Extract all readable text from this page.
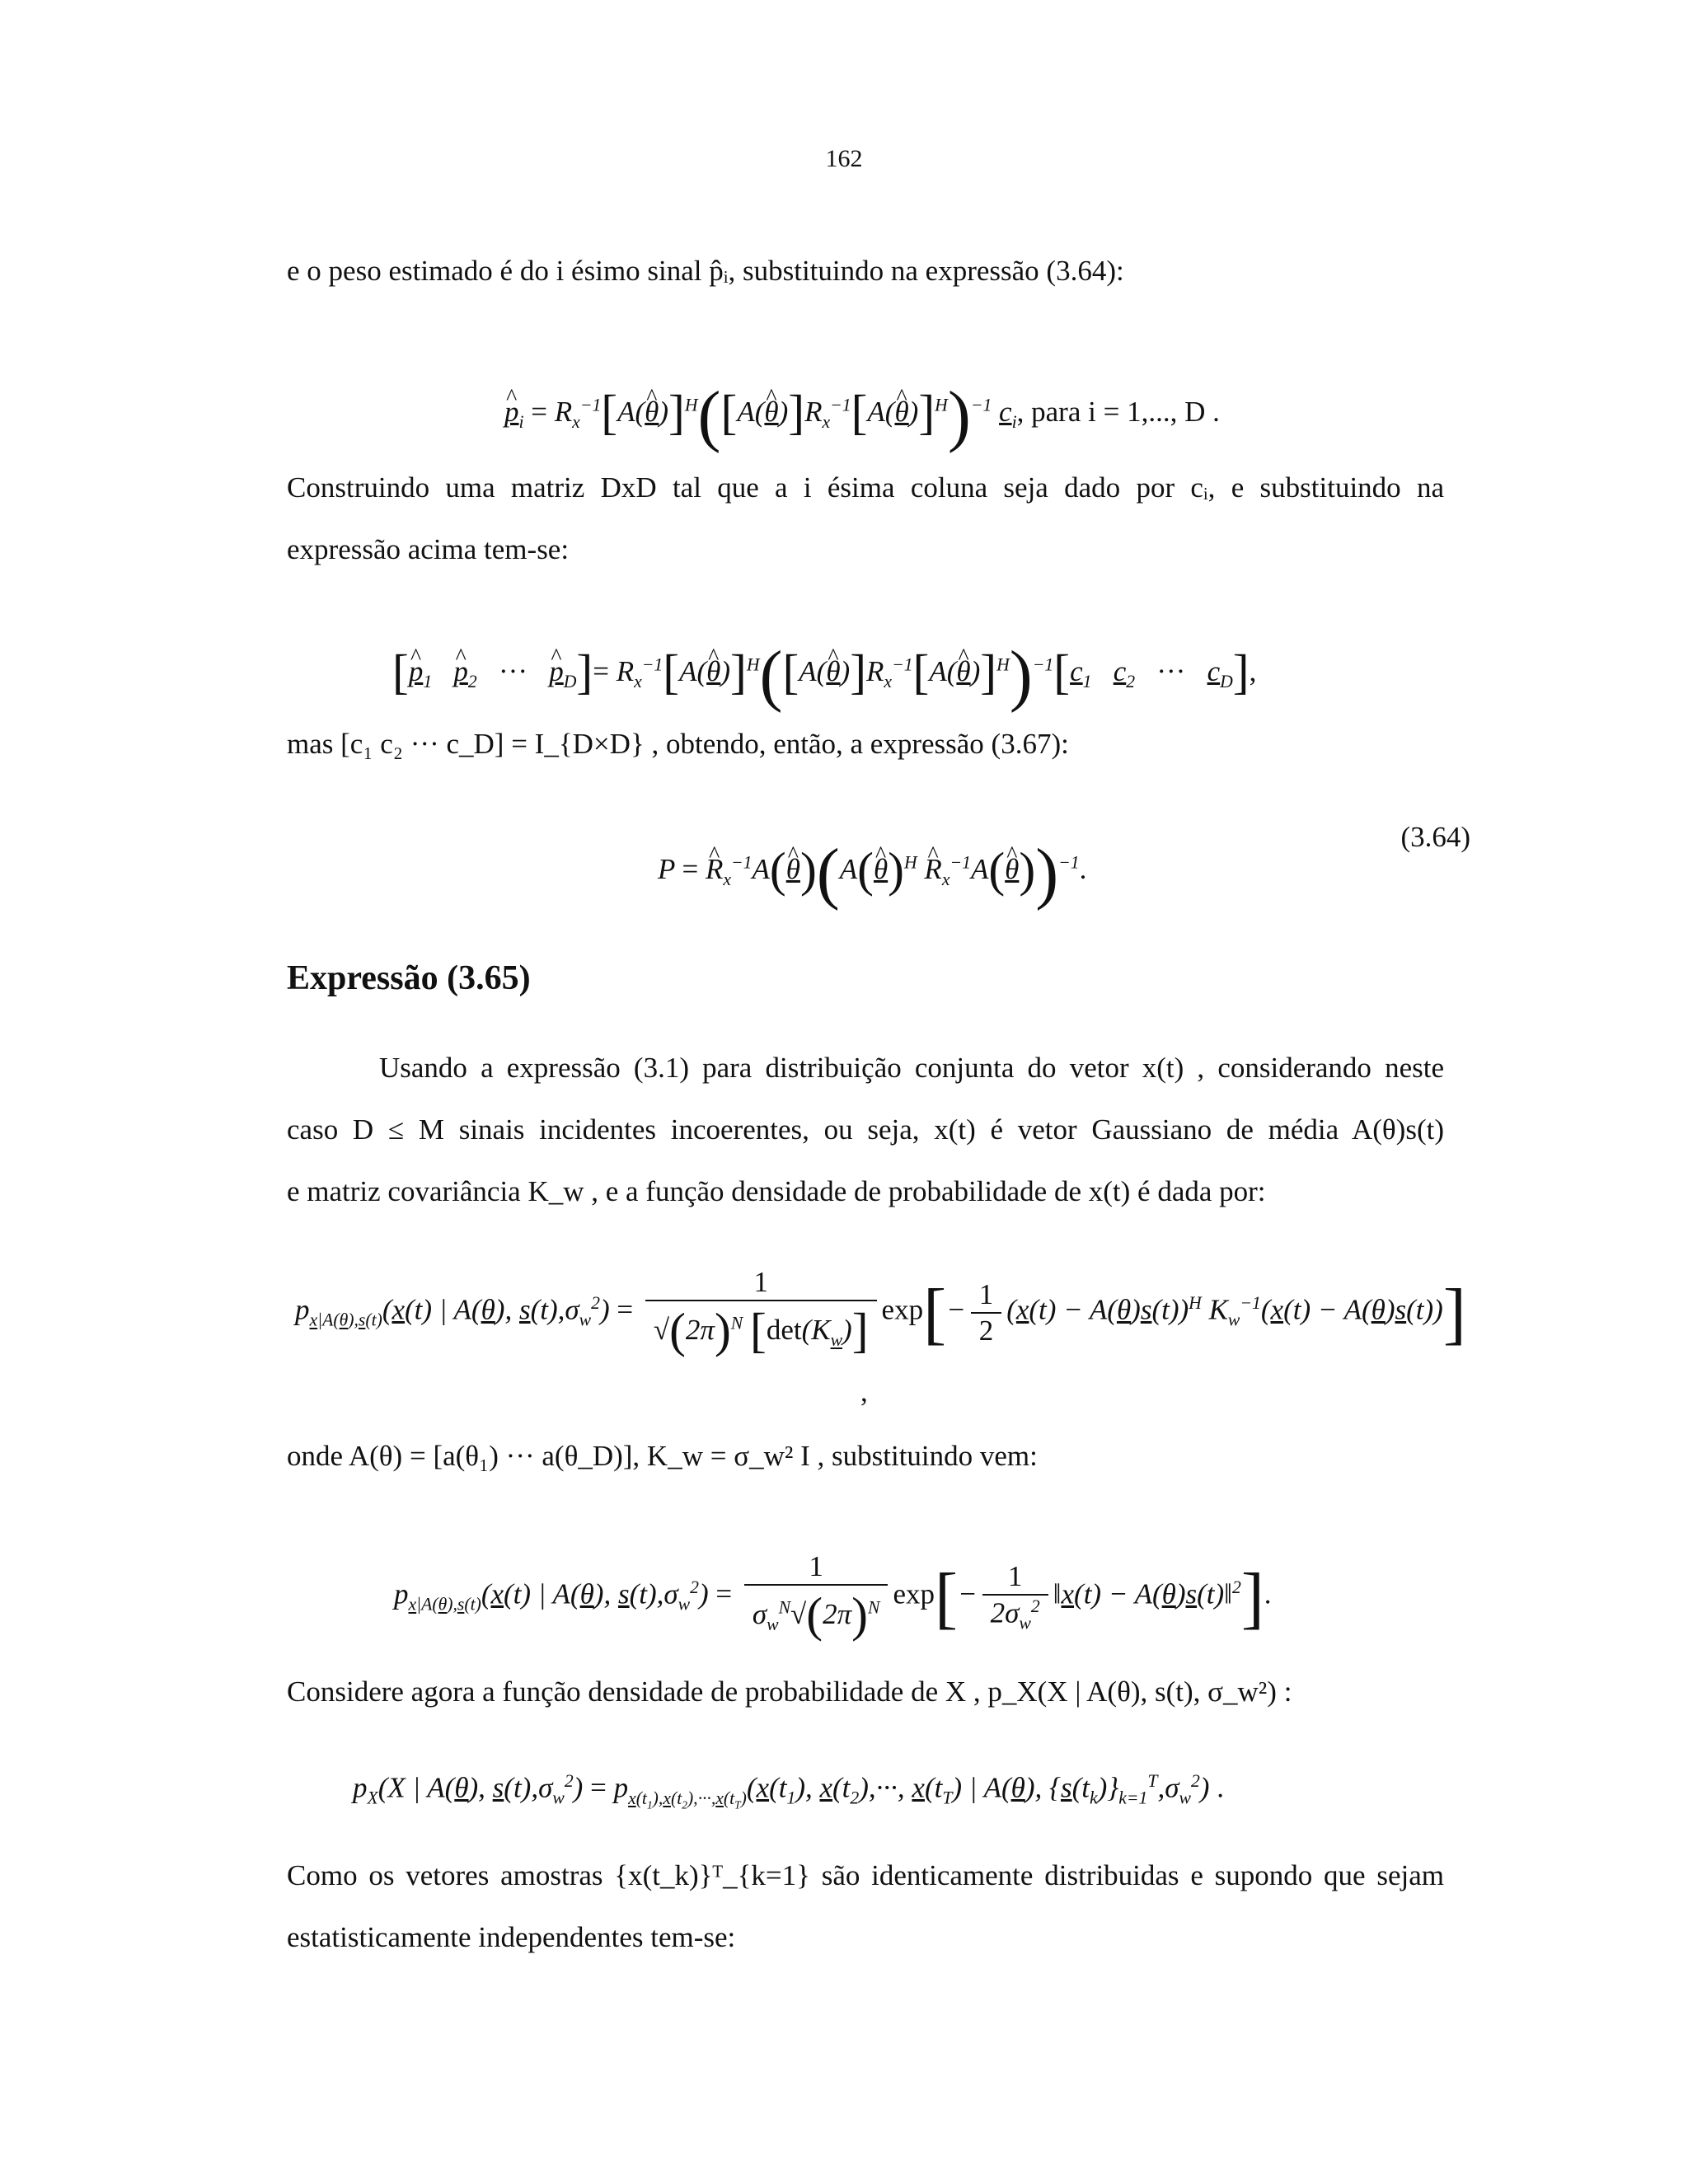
162
e o peso estimado é do i ésimo sinal p̂ᵢ, substituindo na expressão (3.64):
p $\^{}_i = R_x^{-1}[A(\theta$ ^)]$^H$([A(θ $\^{})]R_x^{-1}[A(\theta$ ^)]$^H$)$^{-1}$ $c_i$, para i = 1,..., D .
Construindo uma matriz DxD tal que a i ésima coluna seja dado por cᵢ, e substituindo na
expressão acima tem-se:
[p $\^{}_1$ p $\^{}_2$ ··· p $\^{}_D]= R_x^{-1}[A(\theta$ ^)]$^H$([A(θ $\^{})]R_x^{-1}[A(\theta$ $\^{})]^H)^{-1}[c_1$ $c_2$ ··· $c_D$],
mas [c₁ c₂ ··· c_D] = I_{D×D} , obtendo, então, a expressão (3.67):
P = R $\^{}_x^{-1}A(\theta$ ^)(A(θ ^)$^H$ R $\^{}_x^{-1}A(\theta$ ^))$^{-1}$.
(3.64)
Expressão (3.65)
Usando a expressão (3.1) para distribuição conjunta do vetor x(t) , considerando neste
caso D ≤ M sinais incidentes incoerentes, ou seja, x(t) é vetor Gaussiano de média A(θ)s(t)
e matriz covariância K_w , e a função densidade de probabilidade de x(t) é dada por:
$p_{x|A(\theta),s(t)}(x(t)$ | A(θ), $s(t),\sigma_w^2) = \frac{1}{√(2\pi)^N [\det(K_w)]} \exp[- \frac{1}{2} (x(t) - A(\theta)s(t))^H$ $K_w^{-1}(x(t) - A(\theta)s(t))$]
,
onde A(θ) = [a(θ₁) ··· a(θ_D)], K_w = σ_w² I , substituindo vem:
$p_{x|A(\theta),s(t)}(x(t)$ | A(θ), $s(t),\sigma_w^2) = \frac{1}{\sigma_w^N√(2\pi)^N} \exp[- \frac{1}{2\sigma_w^2}$ ‖x(t) − A(θ)s(t)‖$^2$].
Considere agora a função densidade de probabilidade de X , p_X(X | A(θ), s(t), σ_w²) :
$p_X(X$ | A(θ), $s(t),\sigma_w^2) = p_{x(t_1),x(t_2),\cdot\cdot\cdot,x(t_T)}(x(t_1)$, $x(t_2),\cdot\cdot\cdot$, $x(t_T)$ | A(θ), $\{s(t_k)\}_{k=1}^T,\sigma_w^2$) .
Como os vetores amostras {x(t_k)}ᵀ_{k=1} são identicamente distribuidas e supondo que sejam
estatisticamente independentes tem-se:
